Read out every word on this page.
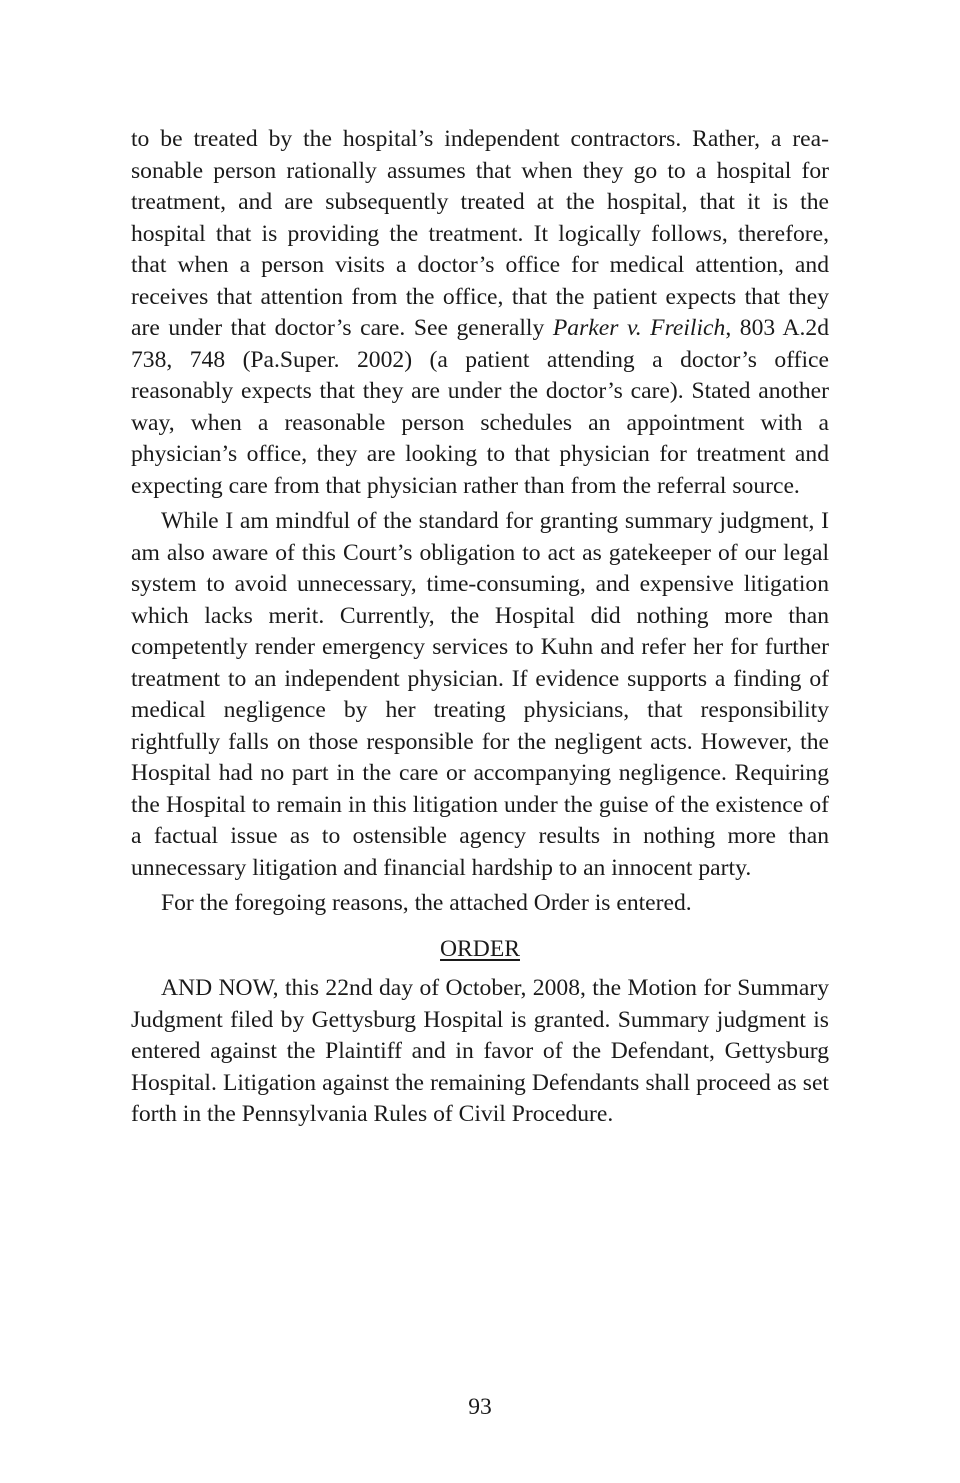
to be treated by the hospital’s independent contractors. Rather, a reasonable person rationally assumes that when they go to a hospital for treatment, and are subsequently treated at the hospital, that it is the hospital that is providing the treatment. It logically follows, therefore, that when a person visits a doctor’s office for medical attention, and receives that attention from the office, that the patient expects that they are under that doctor’s care. See generally Parker v. Freilich, 803 A.2d 738, 748 (Pa.Super. 2002) (a patient attending a doctor’s office reasonably expects that they are under the doctor’s care). Stated another way, when a reasonable person schedules an appointment with a physician’s office, they are looking to that physician for treatment and expecting care from that physician rather than from the referral source.

While I am mindful of the standard for granting summary judgment, I am also aware of this Court’s obligation to act as gatekeeper of our legal system to avoid unnecessary, time-consuming, and expensive litigation which lacks merit. Currently, the Hospital did nothing more than competently render emergency services to Kuhn and refer her for further treatment to an independent physician. If evidence supports a finding of medical negligence by her treating physicians, that responsibility rightfully falls on those responsible for the negligent acts. However, the Hospital had no part in the care or accompanying negligence. Requiring the Hospital to remain in this litigation under the guise of the existence of a factual issue as to ostensible agency results in nothing more than unnecessary litigation and financial hardship to an innocent party.

For the foregoing reasons, the attached Order is entered.

ORDER

AND NOW, this 22nd day of October, 2008, the Motion for Summary Judgment filed by Gettysburg Hospital is granted. Summary judgment is entered against the Plaintiff and in favor of the Defendant, Gettysburg Hospital. Litigation against the remaining Defendants shall proceed as set forth in the Pennsylvania Rules of Civil Procedure.

93
